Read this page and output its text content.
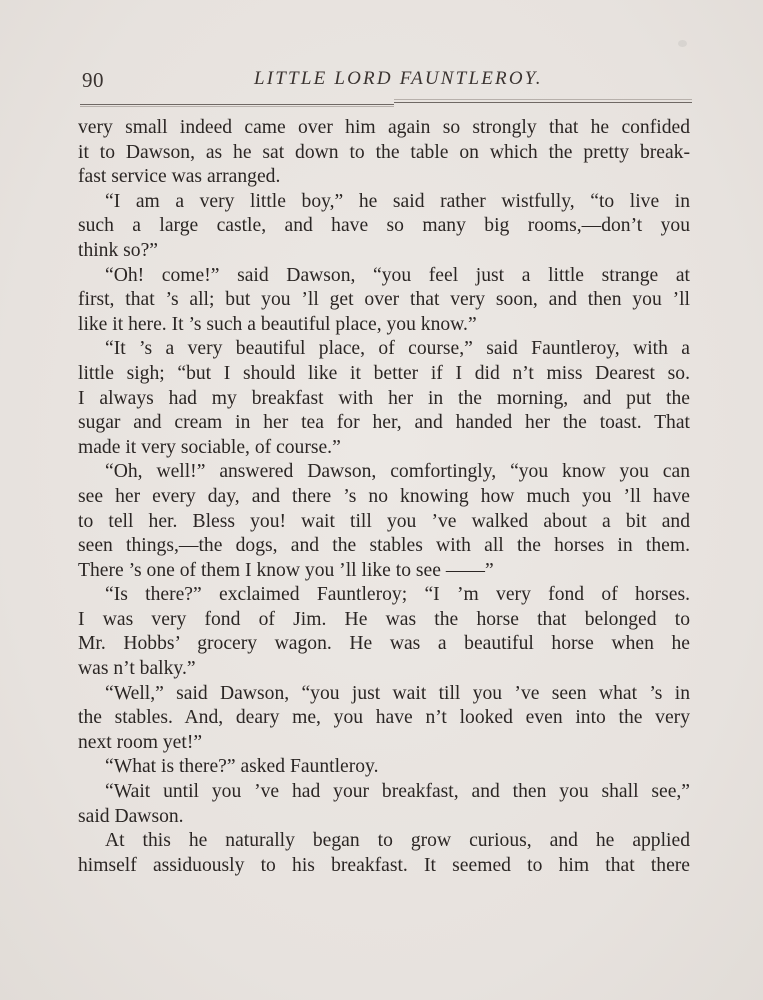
90	LITTLE LORD FAUNTLEROY.
very small indeed came over him again so strongly that he confided
it to Dawson, as he sat down to the table on which the pretty break-
fast service was arranged.
“I am a very little boy,” he said rather wistfully, “to live in
such a large castle, and have so many big rooms,—don’t you
think so?”
“Oh! come!” said Dawson, “you feel just a little strange at
first, that ’s all; but you ’ll get over that very soon, and then you ’ll
like it here. It ’s such a beautiful place, you know.”
“It ’s a very beautiful place, of course,” said Fauntleroy, with a
little sigh; “but I should like it better if I did n’t miss Dearest so.
I always had my breakfast with her in the morning, and put the
sugar and cream in her tea for her, and handed her the toast. That
made it very sociable, of course.”
“Oh, well!” answered Dawson, comfortingly, “you know you can
see her every day, and there ’s no knowing how much you ’ll have
to tell her. Bless you! wait till you ’ve walked about a bit and
seen things,—the dogs, and the stables with all the horses in them.
There ’s one of them I know you ’ll like to see ——”
“Is there?” exclaimed Fauntleroy; “I ’m very fond of horses.
I was very fond of Jim. He was the horse that belonged to
Mr. Hobbs’ grocery wagon. He was a beautiful horse when he
was n’t balky.”
“Well,” said Dawson, “you just wait till you ’ve seen what ’s in
the stables. And, deary me, you have n’t looked even into the very
next room yet!”
“What is there?” asked Fauntleroy.
“Wait until you ’ve had your breakfast, and then you shall see,”
said Dawson.
At this he naturally began to grow curious, and he applied
himself assiduously to his breakfast. It seemed to him that there
